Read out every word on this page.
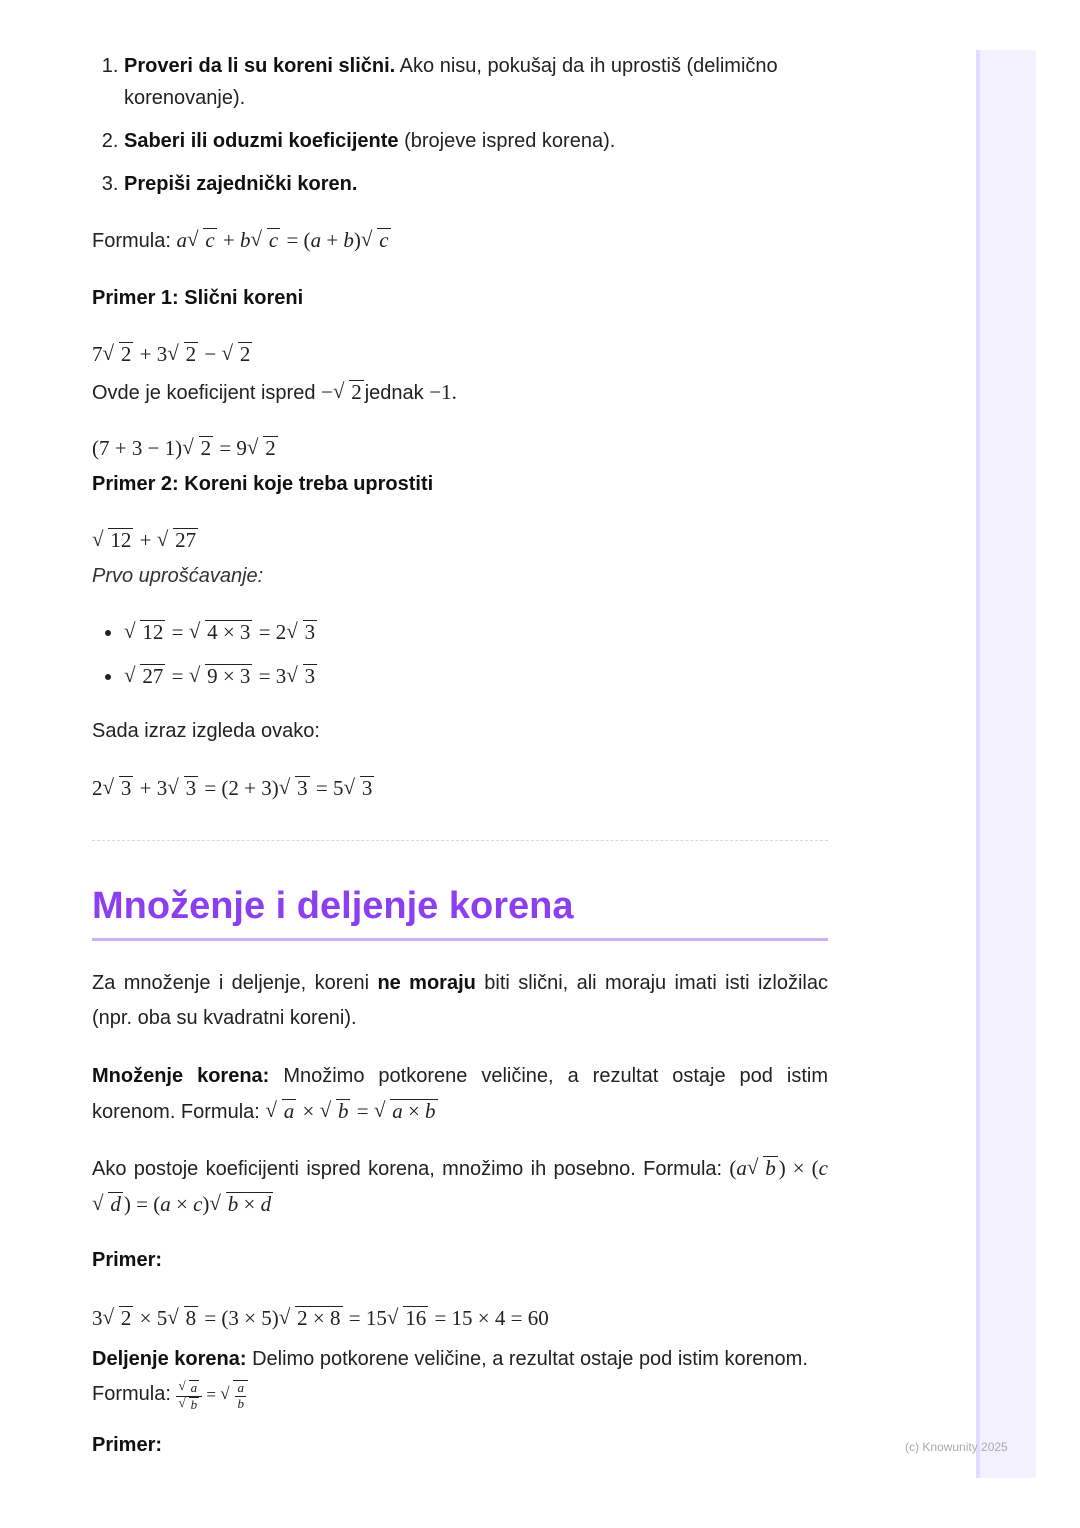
1. Proveri da li su koreni slični. Ako nisu, pokušaj da ih uprostiš (delimično korenovanje).
2. Saberi ili oduzmi koeficijente (brojeve ispred korena).
3. Prepiši zajednički koren.
Formula: a √ c + b √ c = (a + b) √ c
Primer 1: Slični koreni
7 √ 2 + 3 √ 2 − √ 2
Ovde je koeficijent ispred − √ 2 jednak −1.
(7 + 3 − 1) √ 2 = 9 √ 2
Primer 2: Koreni koje treba uprostiti
√ 12 + √ 27
Prvo uprošćavanje:
• √ 12 = √ 4 × 3 = 2 √ 3
• √ 27 = √ 9 × 3 = 3 √ 3
Sada izraz izgleda ovako:
2 √ 3 + 3 √ 3 = (2 + 3) √ 3 = 5 √ 3
Množenje i deljenje korena
Za množenje i deljenje, koreni ne moraju biti slični, ali moraju imati isti izložilac (npr. oba su kvadratni koreni).
Množenje korena: Množimo potkorene veličine, a rezultat ostaje pod istim korenom. Formula: √ a × √ b = √ a × b
Ako postoje koeficijenti ispred korena, množimo ih posebno. Formula: (a √ b ) × (c√ d ) = (a × c) √ b × d
Primer:
3 √ 2 × 5 √ 8 = (3 × 5) √ 2 × 8 = 15 √ 16 = 15 × 4 = 60
Deljenje korena: Delimo potkorene veličine, a rezultat ostaje pod istim korenom.
Formula: √ a
√ b = √ $\frac{a}{b}$
Primer:	(c) Knowunity 2025
